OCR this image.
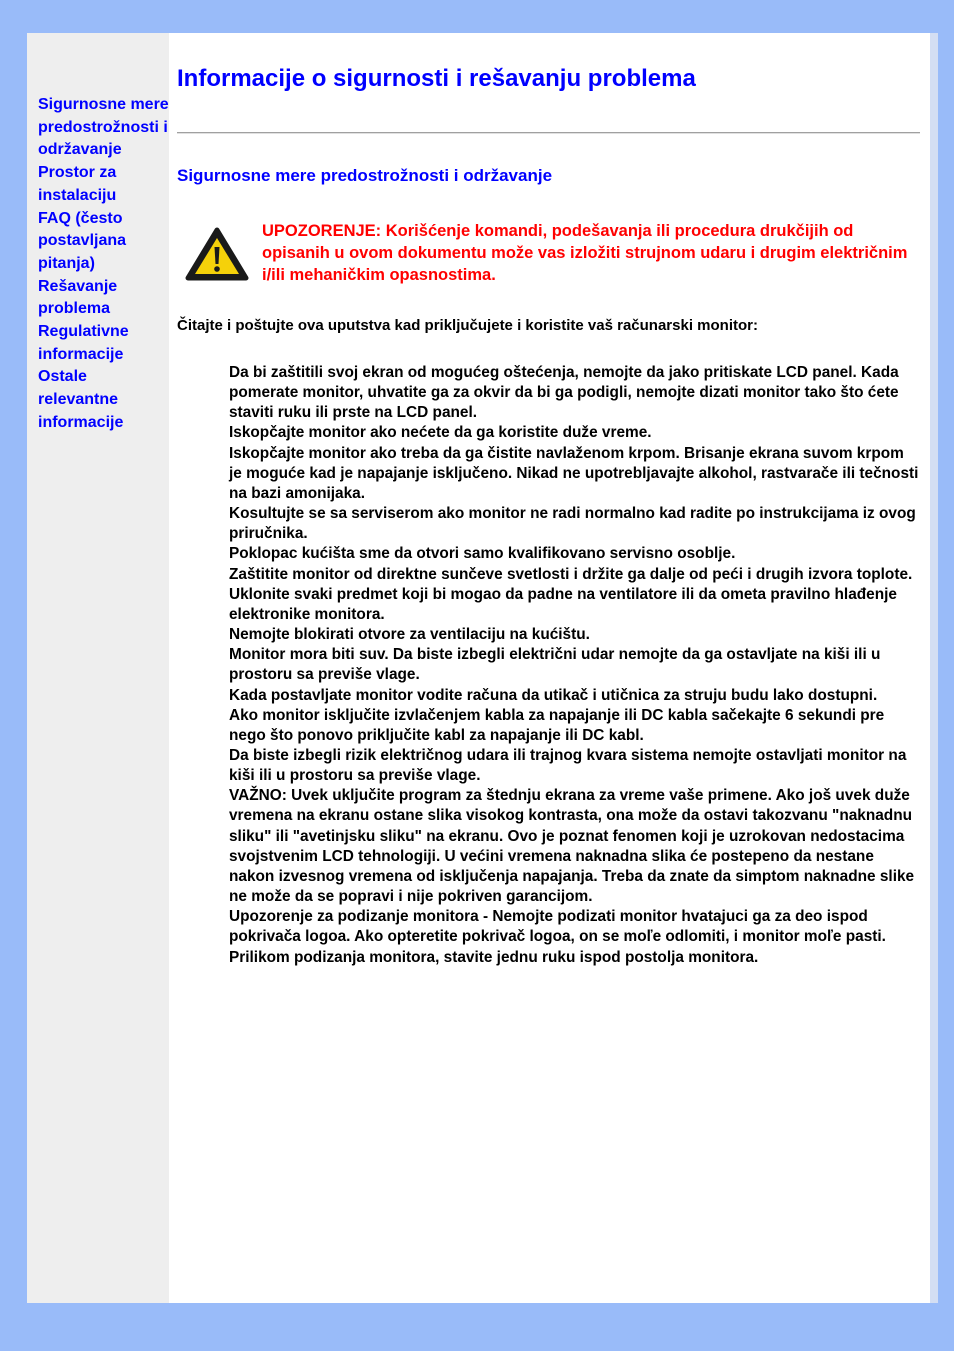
Sigurnosne mere predostrožnosti i održavanje
Prostor za instalaciju
FAQ (često postavljana pitanja)
Rešavanje problema
Regulativne informacije
Ostale relevantne informacije
Informacije o sigurnosti i rešavanju problema
Sigurnosne mere predostrožnosti i održavanje
UPOZORENJE: Korišćenje komandi, podešavanja ili procedura drukčijih od opisanih u ovom dokumentu može vas izložiti strujnom udaru i drugim električnim i/ili mehaničkim opasnostima.
Čitajte i poštujte ova uputstva kad priključujete i koristite vaš računarski monitor:
Da bi zaštitili svoj ekran od mogućeg oštećenja, nemojte da jako pritiskate LCD panel. Kada pomerate monitor, uhvatite ga za okvir da bi ga podigli, nemojte dizati monitor tako što ćete staviti ruku ili prste na LCD panel.
Iskopčajte monitor ako nećete da ga koristite duže vreme.
Iskopčajte monitor ako treba da ga čistite navlaženom krpom. Brisanje ekrana suvom krpom je moguće kad je napajanje isključeno. Nikad ne upotrebljavajte alkohol, rastvarače ili tečnosti na bazi amonijaka.
Kosultujte se sa serviserom ako monitor ne radi normalno kad radite po instrukcijama iz ovog priručnika.
Poklopac kućišta sme da otvori samo kvalifikovano servisno osoblje.
Zaštitite monitor od direktne sunčeve svetlosti i držite ga dalje od peći i drugih izvora toplote.
Uklonite svaki predmet koji bi mogao da padne na ventilatore ili da ometa pravilno hlađenje elektronike monitora.
Nemojte blokirati otvore za ventilaciju na kućištu.
Monitor mora biti suv. Da biste izbegli električni udar nemojte da ga ostavljate na kiši ili u prostoru sa previše vlage.
Kada postavljate monitor vodite računa da utikač i utičnica za struju budu lako dostupni.
Ako monitor isključite izvlačenjem kabla za napajanje ili DC kabla sačekajte 6 sekundi pre nego što ponovo priključite kabl za napajanje ili DC kabl.
Da biste izbegli rizik električnog udara ili trajnog kvara sistema nemojte ostavljati monitor na kiši ili u prostoru sa previše vlage.
VAŽNO: Uvek uključite program za štednju ekrana za vreme vaše primene. Ako još uvek duže vremena na ekranu ostane slika visokog kontrasta, ona može da ostavi takozvanu "naknadnu sliku" ili "avetinjsku sliku" na ekranu. Ovo je poznat fenomen koji je uzrokovan nedostacima svojstvenim LCD tehnologiji. U većini vremena naknadna slika će postepeno da nestane nakon izvesnog vremena od isključenja napajanja. Treba da znate da simptom naknadne slike ne može da se popravi i nije pokriven garancijom.
Upozorenje za podizanje monitora - Nemojte podizati monitor hvatajuci ga za deo ispod pokrivača logoa. Ako opteretite pokrivač logoa, on se moľe odlomiti, i monitor moľe pasti. Prilikom podizanja monitora, stavite jednu ruku ispod postolja monitora.
